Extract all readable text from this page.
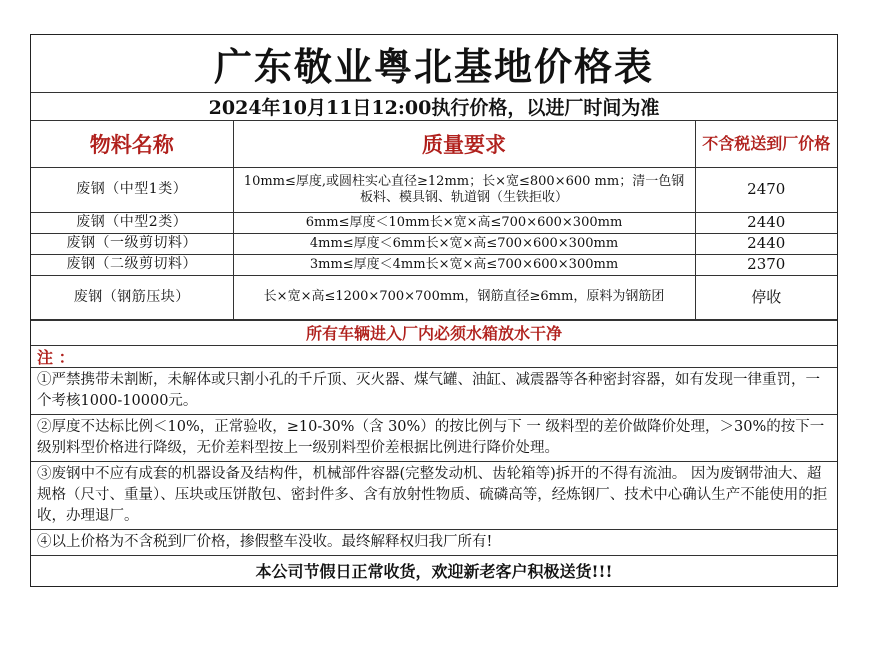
广东敬业粤北基地价格表
2024年10月11日12:00执行价格，以进厂时间为准
物料名称	质量要求	不含税送到厂价格
废钢（中型1类）	10mm≤厚度,或圆柱实心直径≥12mm；长×宽≤800×600 mm；清一色钢板料、模具钢、轨道钢（生铁拒收）	2470
废钢（中型2类）	6mm≤厚度＜10mm长×宽×高≤700×600×300mm	2440
废钢（一级剪切料）	4mm≤厚度＜6mm长×宽×高≤700×600×300mm	2440
废钢（二级剪切料）	3mm≤厚度＜4mm长×宽×高≤700×600×300mm	2370
废钢（钢筋压块）	长×宽×高≤1200×700×700mm，钢筋直径≥6mm，原料为钢筋团	停收
所有车辆进入厂内必须水箱放水干净
注 ：
①严禁携带未割断，未解体或只割小孔的千斤顶、灭火器、煤气罐、油缸、减震器等各种密封容器，如有发现一律重罚，一个考核1000-10000元。
②厚度不达标比例＜10%，正常验收，≥10-30%（含 30%）的按比例与下 一 级料型的差价做降价处理，＞30%的按下一级别料型价格进行降级，无价差料型按上一级别料型价差根据比例进行降价处理。
③废钢中不应有成套的机器设备及结构件，机械部件容器(完整发动机、齿轮箱等)拆开的不得有流油。 因为废钢带油大、超规格（尺寸、重量）、压块或压饼散包、密封件多、含有放射性物质、硫磷高等，经炼钢厂、技术中心确认生产不能使用的拒收，办理退厂。
④以上价格为不含税到厂价格，掺假整车没收。最终解释权归我厂所有!
本公司节假日正常收货，欢迎新老客户积极送货!!!
